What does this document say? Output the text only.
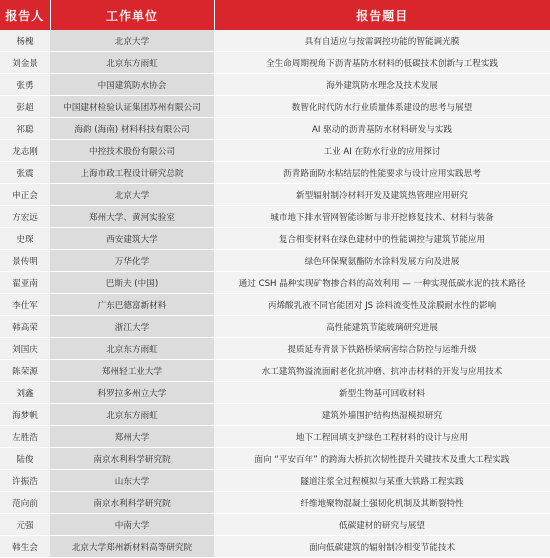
报告人	工作单位	报告题目
杨槐	北京大学	具有自适应与按需调控功能的智能调光膜
刘金景	北京东方雨虹	全生命周期视角下沥青基防水材料的低碳技术创新与工程实践
张勇	中国建筑防水协会	海外建筑防水理念及技术发展
彭超	中国建材检验认证集团苏州有限公司	数智化时代防水行业质量体系建设的思考与展望
祁聪	海韵 (海南) 材料科技有限公司	AI 驱动的沥青基防水材料研发与实践
龙志刚	中控技术股份有限公司	工业 AI 在防水行业的应用探讨
张震	上海市政工程设计研究总院	沥青路面防水粘结层的性能要求与设计应用实践思考
申正会	北京大学	新型辐射制冷材料开发及建筑热管理应用研究
方宏远	郑州大学、黄河实验室	城市地下排水管网智能诊断与非开挖修复技术、材料与装备
史琛	西安建筑大学	复合相变材料在绿色建材中的性能调控与建筑节能应用
景传明	万华化学	绿色环保聚氨酯防水涂料发展方向及进展
翟亚南	巴斯夫 (中国)	通过 CSH 晶种实现矿物掺合料的高效利用 — 一种实现低碳水泥的技术路径
李仕军	广东巴德富新材料	丙烯酸乳液不同官能团对 JS 涂料流变性及涂膜耐水性的影响
韩高荣	浙江大学	高性能建筑节能玻璃研究进展
刘国庆	北京东方雨虹	提质延寿背景下铁路桥梁病害综合防控与运维升级
陈荣源	郑州轻工业大学	水工建筑物溢流面耐老化抗冲磨、抗冲击材料的开发与应用技术
刘鑫	科罗拉多州立大学	新型生物基可回收材料
海梦帆	北京东方雨虹	建筑外墙围护结构热湿模拟研究
左胜浩	郑州大学	地下工程回填支护绿色工程材料的设计与应用
陆俊	南京水利科学研究院	面向 “平安百年” 的跨海大桥抗次韧性提升关键技术及重大工程实践
许振浩	山东大学	隧道注浆全过程模拟与某重大铁路工程实践
范向前	南京水利科学研究院	纤维地聚物混凝土强韧化机制及其断裂特性
元强	中南大学	低碳建材的研究与展望
韩生会	北京大学郑州新材料高等研究院	面向低碳建筑的辐射制冷相变节能技术
